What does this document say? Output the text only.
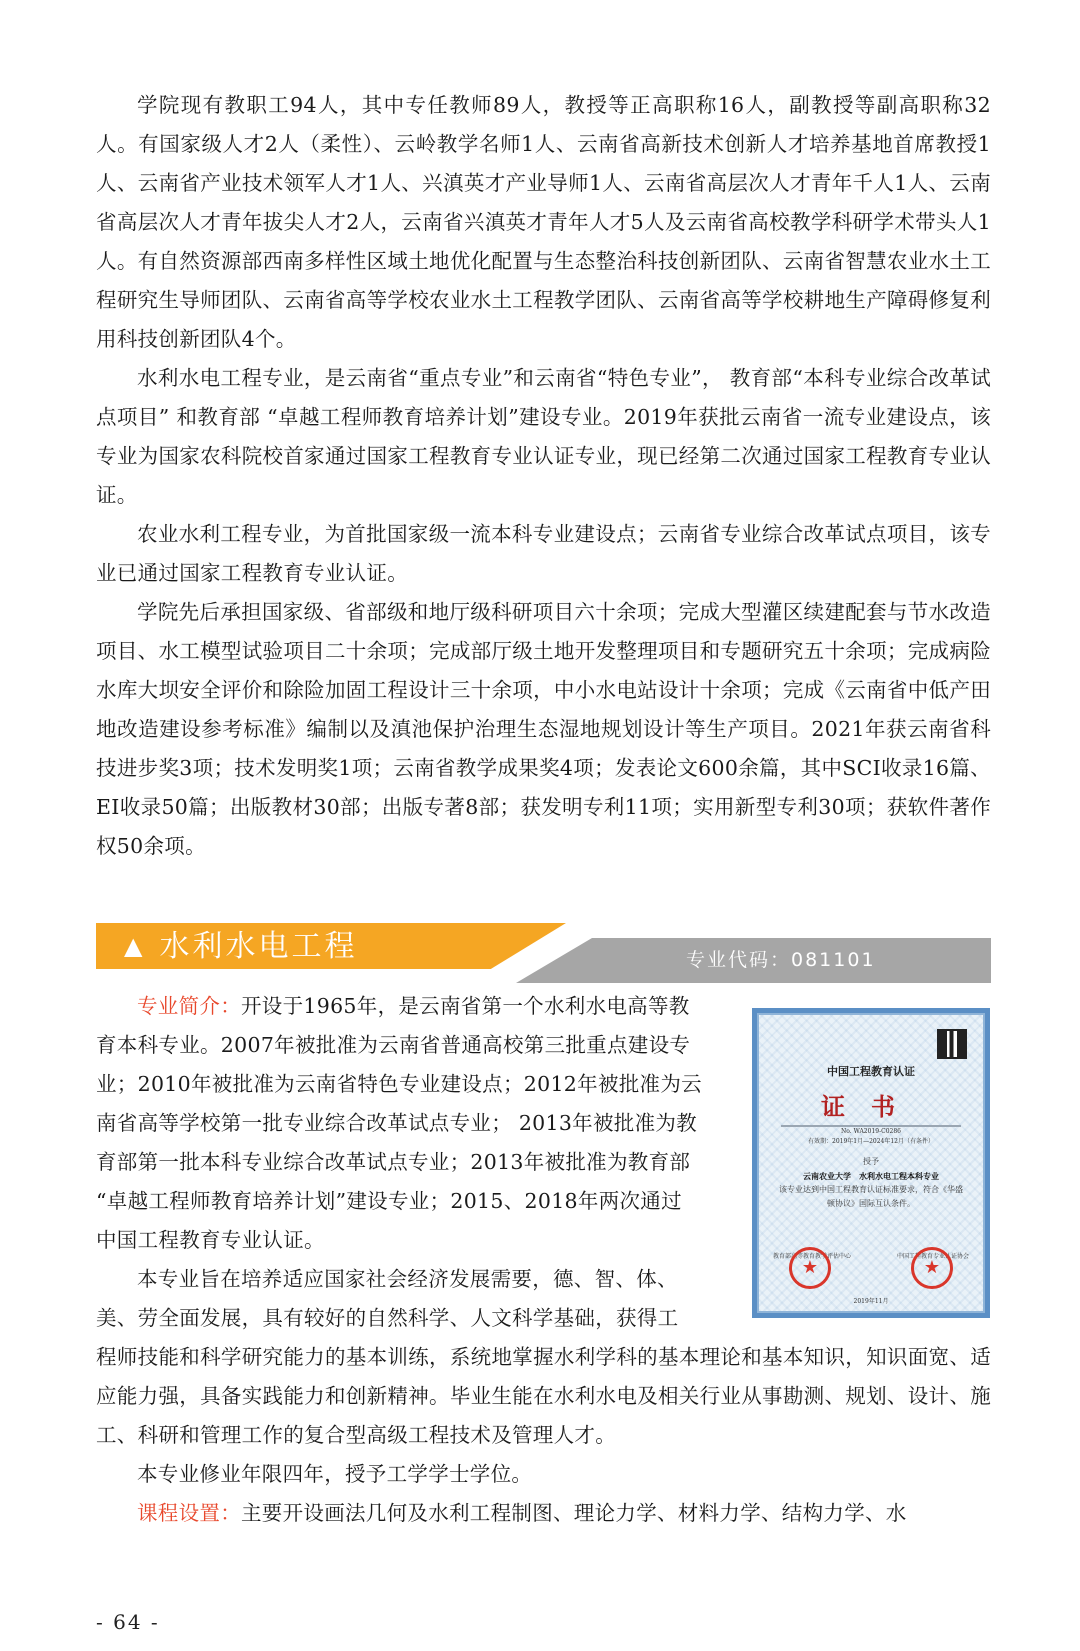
学院现有教职工94人，其中专任教师89人，教授等正高职称16人，副教授等副高职称32人。有国家级人才2人（柔性）、云岭教学名师1人、云南省高新技术创新人才培养基地首席教授1人、云南省产业技术领军人才1人、兴滇英才产业导师1人、云南省高层次人才青年千人1人、云南省高层次人才青年拔尖人才2人，云南省兴滇英才青年人才5人及云南省高校教学科研学术带头人1人。有自然资源部西南多样性区域土地优化配置与生态整治科技创新团队、云南省智慧农业水土工程研究生导师团队、云南省高等学校农业水土工程教学团队、云南省高等学校耕地生产障碍修复利用科技创新团队4个。

水利水电工程专业，是云南省“重点专业”和云南省“特色专业”， 教育部“本科专业综合改革试点项目” 和教育部 “卓越工程师教育培养计划”建设专业。2019年获批云南省一流专业建设点，该专业为国家农科院校首家通过国家工程教育专业认证专业，现已经第二次通过国家工程教育专业认证。

农业水利工程专业，为首批国家级一流本科专业建设点；云南省专业综合改革试点项目，该专业已通过国家工程教育专业认证。

学院先后承担国家级、省部级和地厅级科研项目六十余项；完成大型灌区续建配套与节水改造项目、水工模型试验项目二十余项；完成部厅级土地开发整理项目和专题研究五十余项；完成病险水库大坝安全评价和除险加固工程设计三十余项，中小水电站设计十余项；完成《云南省中低产田地改造建设参考标准》编制以及滇池保护治理生态湿地规划设计等生产项目。2021年获云南省科技进步奖3项；技术发明奖1项；云南省教学成果奖4项；发表论文600余篇，其中SCI收录16篇、EI收录50篇；出版教材30部；出版专著8部；获发明专利11项；实用新型专利30项；获软件著作权50余项。

▲ 水利水电工程	专业代码：081101
专业简介：开设于1965年，是云南省第一个水利水电高等教
育本科专业。2007年被批准为云南省普通高校第三批重点建设专
业；2010年被批准为云南省特色专业建设点；2012年被批准为云
南省高等学校第一批专业综合改革试点专业； 2013年被批准为教
育部第一批本科专业综合改革试点专业；2013年被批准为教育部
“卓越工程师教育培养计划”建设专业；2015、2018年两次通过
中国工程教育专业认证。
本专业旨在培养适应国家社会经济发展需要，德、智、体、
美、劳全面发展，具有较好的自然科学、人文科学基础，获得工

程师技能和科学研究能力的基本训练，系统地掌握水利学科的基本理论和基本知识，知识面宽、适应能力强，具备实践能力和创新精神。毕业生能在水利水电及相关行业从事勘测、规划、设计、施工、科研和管理工作的复合型高级工程技术及管理人才。

本专业修业年限四年，授予工学学士学位。

课程设置：主要开设画法几何及水利工程制图、理论力学、材料力学、结构力学、水

中国工程教育认证
证书
No. WA2019-C0286
有效期：2019年1月—2024年12月（有条件）
授予
云南农业大学　水利水电工程本科专业
该专业达到中国工程教育认证标准要求，符合《华盛顿协议》国际互认条件。
教育部高等教育教学评估中心	中国工程教育专业认证协会
★	★
2019年11月
- 64 -
